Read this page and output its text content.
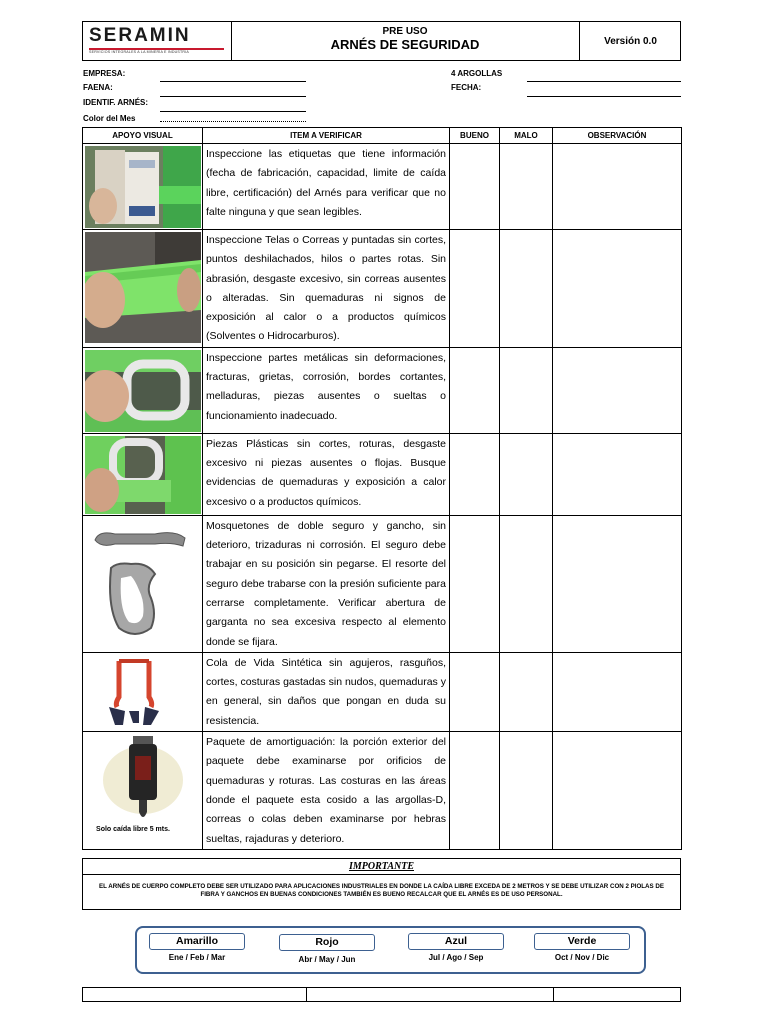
SERAMIN
SERVICIOS INTEGRALES A LA MINERÍA E INDUSTRIA
PRE USO
ARNÉS DE SEGURIDAD	Versión 0.0
EMPRESA:
FAENA:
IDENTIF. ARNÉS:
Color del Mes
4 ARGOLLAS
FECHA:
APOYO VISUAL	ITEM A VERIFICAR	BUENO	MALO	OBSERVACIÓN

	Inspeccione las etiquetas que tiene información (fecha de fabricación, capacidad, limite de caída libre, certificación) del Arnés para verificar que no falte ninguna y que sean legibles.			

	Inspeccione Telas o Correas y puntadas sin cortes, puntos deshilachados, hilos o partes rotas. Sin abrasión, desgaste excesivo, sin correas ausentes o alteradas. Sin quemaduras ni signos de exposición al calor o a productos químicos (Solventes o Hidrocarburos).			

	Inspeccione partes metálicas sin deformaciones, fracturas, grietas, corrosión, bordes cortantes, melladuras, piezas ausentes o sueltas o funcionamiento inadecuado.			

	Piezas Plásticas sin cortes, roturas, desgaste excesivo ni piezas ausentes o flojas. Busque evidencias de quemaduras y exposición a calor excesivo o a productos químicos.			

	Mosquetones de doble seguro y gancho, sin deterioro, trizaduras ni corrosión. El seguro debe trabajar en su posición sin pegarse. El resorte del seguro debe trabarse con la presión suficiente para cerrarse completamente. Verificar abertura de garganta no sea excesiva respecto al elemento donde se fijara.			

	Cola de Vida Sintética sin agujeros, rasguños, cortes, costuras gastadas sin nudos, quemaduras y en general, sin daños que pongan en duda su resistencia.			

Solo caída libre 5 mts.	Paquete de amortiguación: la porción exterior del paquete debe examinarse por orificios de quemaduras y roturas. Las costuras en las áreas donde el paquete esta cosido a las argollas-D, correas o colas deben examinarse por hebras sueltas, rajaduras y deterioro.			
IMPORTANTE
EL ARNÉS DE CUERPO COMPLETO DEBE SER UTILIZADO PARA APLICACIONES INDUSTRIALES EN DONDE LA CAÍDA LIBRE EXCEDA DE 2 METROS Y SE DEBE UTILIZAR CON 2 PIOLAS DE FIBRA Y GANCHOS EN BUENAS CONDICIONES TAMBIÉN ES BUENO RECALCAR QUE EL ARNÉS ES DE USO PERSONAL.
Amarillo
Ene / Feb / Mar
Rojo
Abr / May / Jun
Azul
Jul / Ago / Sep
Verde
Oct / Nov / Dic
